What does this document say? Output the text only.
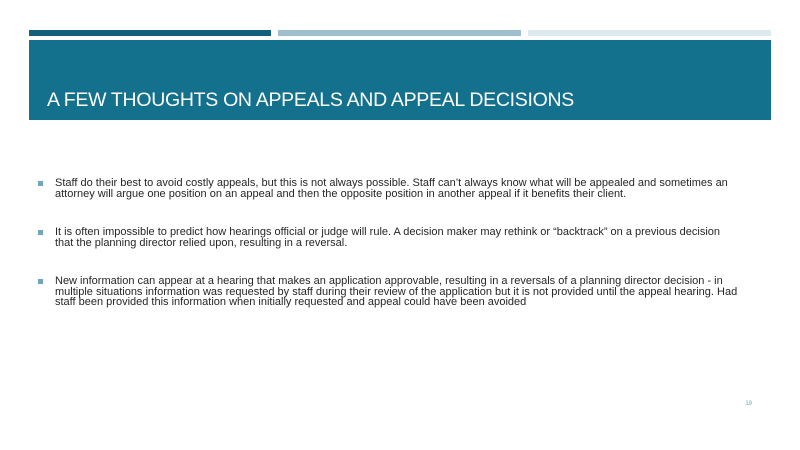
A FEW THOUGHTS ON APPEALS AND APPEAL DECISIONS
Staff do their best to avoid costly appeals, but this is not always possible. Staff can’t always know what will be appealed and sometimes an attorney will argue one position on an appeal and then the opposite position in another appeal if it benefits their client.
It is often impossible to predict how hearings official or judge will rule. A decision maker may rethink or “backtrack” on a previous decision that the planning director relied upon, resulting in a reversal.
New information can appear at a hearing that makes an application approvable, resulting in a reversals of a planning director decision - in multiple situations information was requested by staff during their review of the application but it is not provided until the appeal hearing. Had staff been provided this information when initially requested and appeal could have been avoided
19
